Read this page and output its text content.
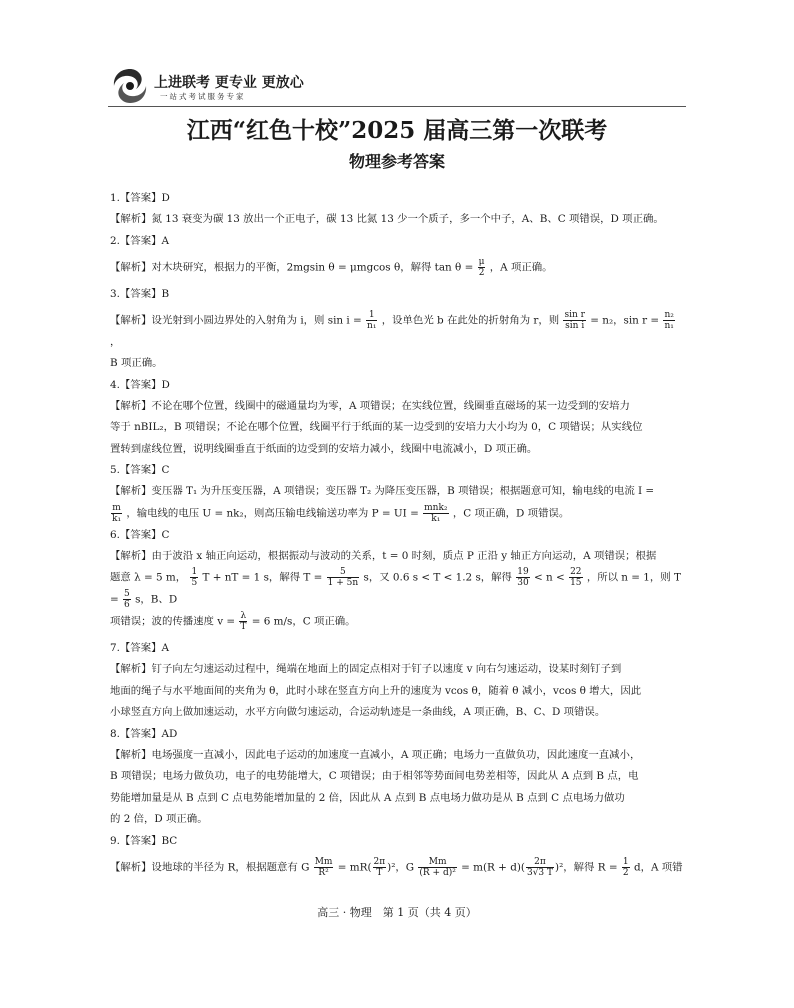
上进联考 更专业 更放心
一站式考试服务专家
江西“红色十校”2025 届高三第一次联考
物理参考答案
1.【答案】D
【解析】氮 13 衰变为碳 13 放出一个正电子，碳 13 比氮 13 少一个质子，多一个中子，A、B、C 项错误，D 项正确。
2.【答案】A
【解析】对木块研究，根据力的平衡，2mgsin θ = μmgcos θ，解得 $\tan \theta = \frac{\mu}{2}$ ，A 项正确。
3.【答案】B
【解析】设光射到小圆边界处的入射角为 i，则 $\sin i = \frac{1}{\text{n₁}}$ ，设单色光 b 在此处的折射角为 r，则 $\frac{\text{sin r}}{\text{sin i}} = n_2$，$\sin r = \frac{\text{n₂}}{\text{n₁}}$
，
B 项正确。
4.【答案】D
【解析】不论在哪个位置，线圈中的磁通量均为零，A 项错误；在实线位置，线圈垂直磁场的某一边受到的安培力
等于 nBIL₂，B 项错误；不论在哪个位置，线圈平行于纸面的某一边受到的安培力大小均为 0，C 项错误；从实线位
置转到虚线位置，说明线圈垂直于纸面的边受到的安培力减小，线圈中电流减小，D 项正确。
5.【答案】C
【解析】变压器 T₁ 为升压变压器，A 项错误；变压器 T₂ 为降压变压器，B 项错误；根据题意可知，输电线的电流 I =
$\frac{m}{\text{k₁}}$ ，输电线的电压 U = nk₂，则高压输电线输送功率为 P = UI = $\frac{\text{mnk₂}}{\text{k₁}}$ ，C 项正确，D 项错误。
6.【答案】C
【解析】由于波沿 x 轴正向运动，根据振动与波动的关系，t = 0 时刻，质点 P 正沿 y 轴正方向运动，A 项错误；根据
题意 λ = 5 m， $\frac{1}{5}$ T + nT = 1 s，解得 $T = \frac{5}{1 + 5n}$ s，又 0.6 s < T < 1.2 s，解得 $\frac{19}{30} < n < \frac{22}{15}$ ，所以 n = 1，则 $T = \frac{5}{6}$ s，B、D
项错误；波的传播速度 $v = \frac{\lambda}{T} = 6$ m/s，C 项正确。
7.【答案】A
【解析】钉子向左匀速运动过程中，绳端在地面上的固定点相对于钉子以速度 v 向右匀速运动，设某时刻钉子到
地面的绳子与水平地面间的夹角为 θ，此时小球在竖直方向上升的速度为 vcos θ，随着 θ 减小，vcos θ 增大，因此
小球竖直方向上做加速运动，水平方向做匀速运动，合运动轨迹是一条曲线，A 项正确，B、C、D 项错误。
8.【答案】AD
【解析】电场强度一直减小，因此电子运动的加速度一直减小，A 项正确；电场力一直做负功，因此速度一直减小，
B 项错误；电场力做负功，电子的电势能增大，C 项错误；由于相邻等势面间电势差相等，因此从 A 点到 B 点，电
势能增加量是从 B 点到 C 点电势能增加量的 2 倍，因此从 A 点到 B 点电场力做功是从 B 点到 C 点电场力做功
的 2 倍，D 项正确。
9.【答案】BC
【解析】设地球的半径为 R，根据题意有 G $\frac{Mm}{\text{R²}} = mR( \frac{2\pi}{T} )^2$，G $\frac{Mm}{\text{(R + d)²}} = m(R + d)( \frac{2\pi}{3√3 T} )^2$，解得 $R = \frac{1}{2}$ d，A 项错
高三 · 物理　第 1 页（共 4 页）
